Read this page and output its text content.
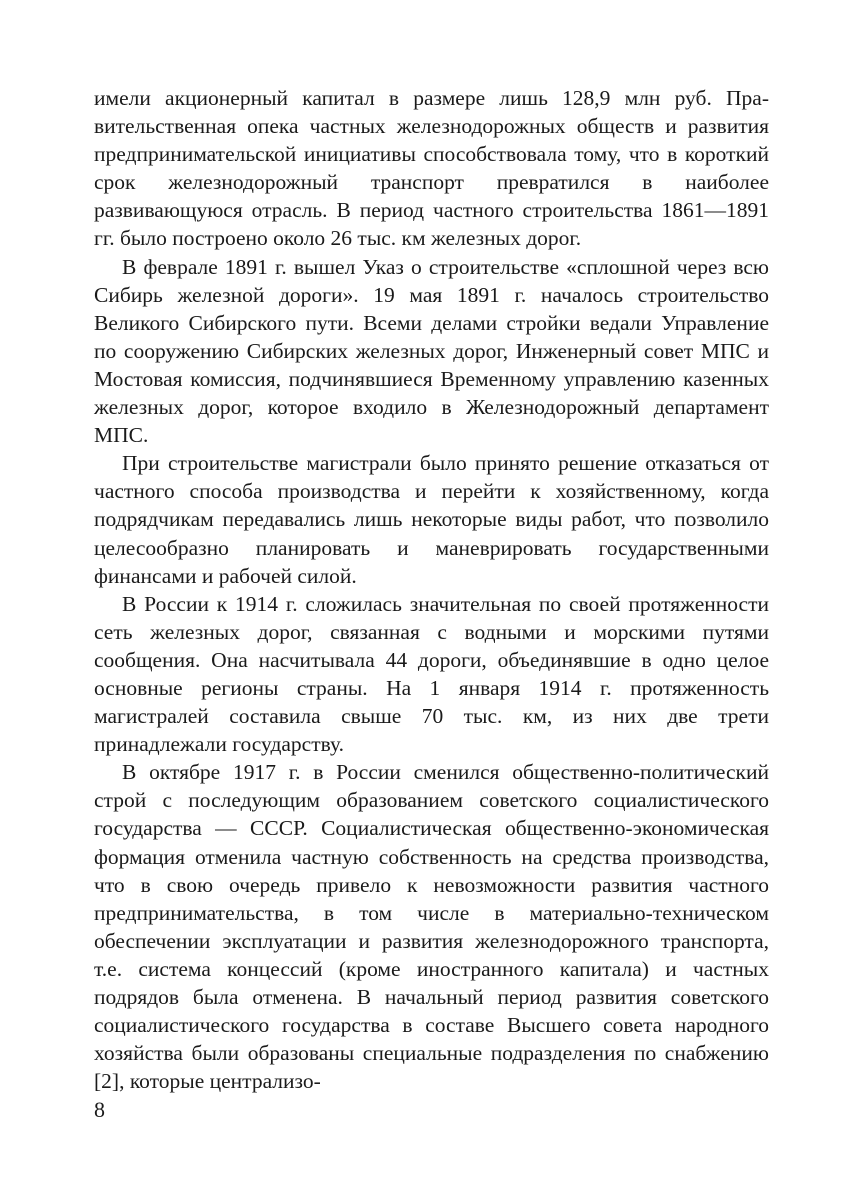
имели акционерный капитал в размере лишь 128,9 млн руб. Правительственная опека частных железнодорожных обществ и развития предпринимательской инициативы способствовала тому, что в короткий срок железнодорожный транспорт превратился в наиболее развивающуюся отрасль. В период частного строительства 1861—1891 гг. было построено около 26 тыс. км железных дорог.

В феврале 1891 г. вышел Указ о строительстве «сплошной через всю Сибирь железной дороги». 19 мая 1891 г. началось строительство Великого Сибирского пути. Всеми делами стройки ведали Управление по сооружению Сибирских железных дорог, Инженерный совет МПС и Мостовая комиссия, подчинявшиеся Временному управлению казенных железных дорог, которое входило в Железнодорожный департамент МПС.

При строительстве магистрали было принято решение отказаться от частного способа производства и перейти к хозяйственному, когда подрядчикам передавались лишь некоторые виды работ, что позволило целесообразно планировать и маневрировать государственными финансами и рабочей силой.

В России к 1914 г. сложилась значительная по своей протяженности сеть железных дорог, связанная с водными и морскими путями сообщения. Она насчитывала 44 дороги, объединявшие в одно целое основные регионы страны. На 1 января 1914 г. протяженность магистралей составила свыше 70 тыс. км, из них две трети принадлежали государству.

В октябре 1917 г. в России сменился общественно-политический строй с последующим образованием советского социалистического государства — СССР. Социалистическая общественно-экономическая формация отменила частную собственность на средства производства, что в свою очередь привело к невозможности развития частного предпринимательства, в том числе в материально-техническом обеспечении эксплуатации и развития железнодорожного транспорта, т.е. система концессий (кроме иностранного капитала) и частных подрядов была отменена. В начальный период развития советского социалистического государства в составе Высшего совета народного хозяйства были образованы специальные подразделения по снабжению [2], которые централизо-

8
